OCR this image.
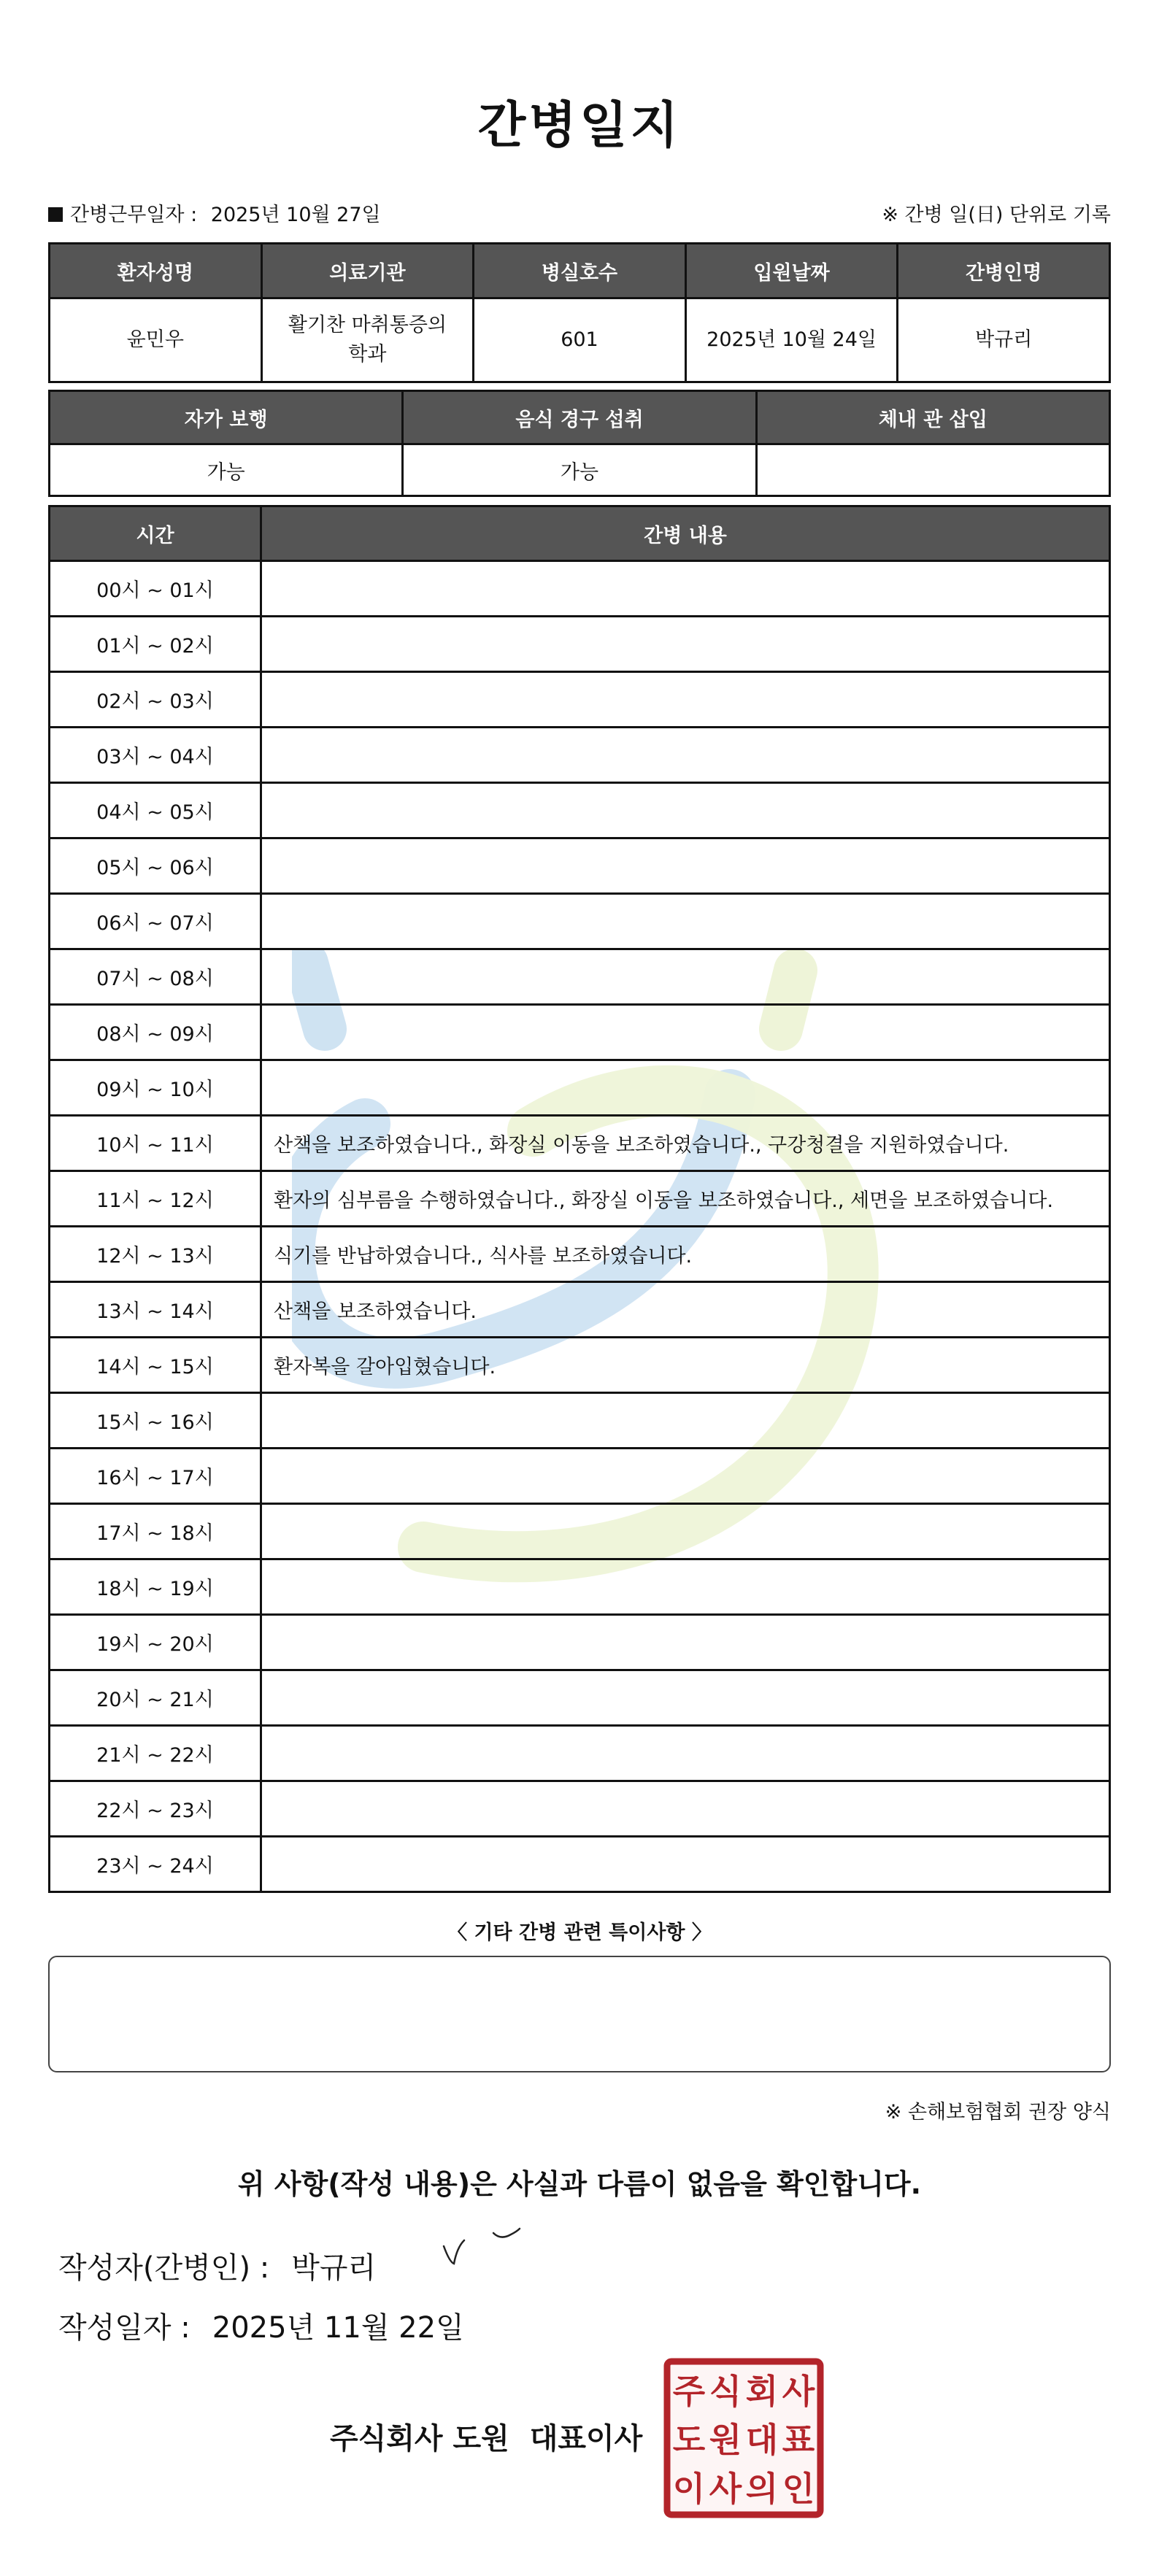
간병일지
간병근무일자 : 2025년 10월 27일	※ 간병 일(日) 단위로 기록
환자성명	의료기관	병실호수	입원날짜	간병인명
윤민우	활기찬 마취통증의학과	601	2025년 10월 24일	박규리
자가 보행	음식 경구 섭취	체내 관 삽입
가능	가능	
시간	간병 내용
00시 ~ 01시	
01시 ~ 02시	
02시 ~ 03시	
03시 ~ 04시	
04시 ~ 05시	
05시 ~ 06시	
06시 ~ 07시	
07시 ~ 08시	
08시 ~ 09시	
09시 ~ 10시	
10시 ~ 11시	산책을 보조하였습니다., 화장실 이동을 보조하였습니다., 구강청결을 지원하였습니다.
11시 ~ 12시	환자의 심부름을 수행하였습니다., 화장실 이동을 보조하였습니다., 세면을 보조하였습니다.
12시 ~ 13시	식기를 반납하였습니다., 식사를 보조하였습니다.
13시 ~ 14시	산책을 보조하였습니다.
14시 ~ 15시	환자복을 갈아입혔습니다.
15시 ~ 16시	
16시 ~ 17시	
17시 ~ 18시	
18시 ~ 19시	
19시 ~ 20시	
20시 ~ 21시	
21시 ~ 22시	
22시 ~ 23시	
23시 ~ 24시	
〈 기타 간병 관련 특이사항 〉
※ 손해보험협회 권장 양식
위 사항(작성 내용)은 사실과 다름이 없음을 확인합니다.
작성자(간병인) : 박규리
작성일자 : 2025년 11월 22일
주식회사 도원 대표이사
주 식 회 사
도 원 대 표
이 사 의 인
